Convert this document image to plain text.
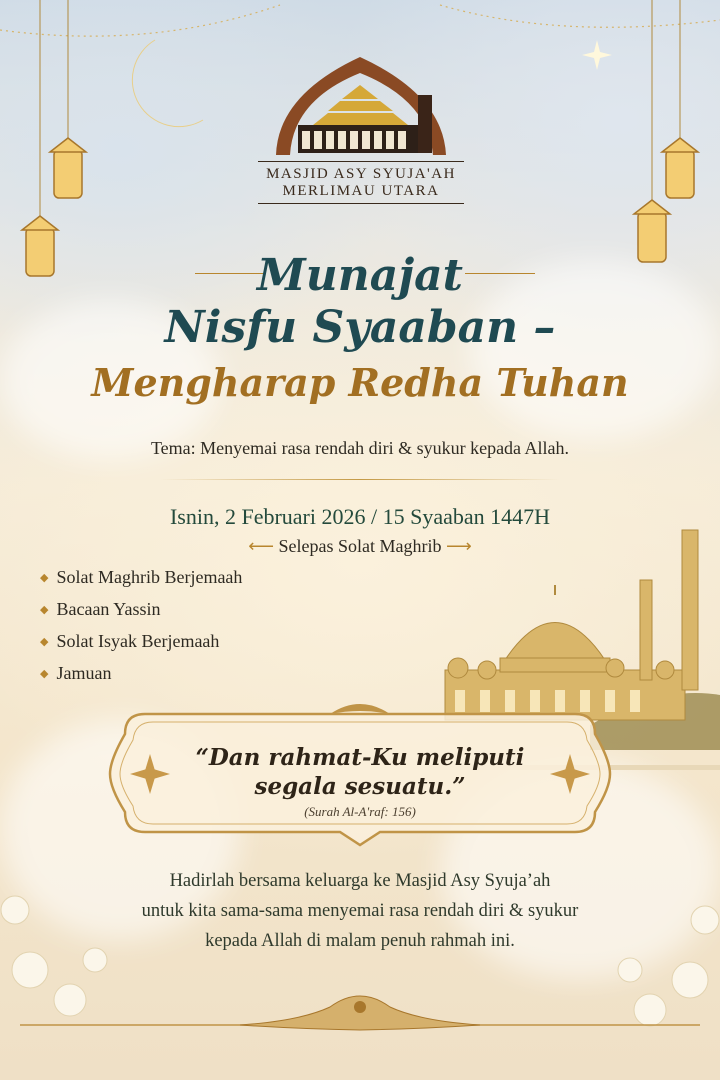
MASJID ASY SYUJA'AH
MERLIMAU UTARA
Munajat
Nisfu Syaaban –
Mengharap Redha Tuhan
Tema: Menyemai rasa rendah diri & syukur kepada Allah.
Isnin, 2 Februari 2026 / 15 Syaaban 1447H
⟵ Selepas Solat Maghrib ⟶
◆ Solat Maghrib Berjemaah
◆ Bacaan Yassin
◆ Solat Isyak Berjemaah
◆ Jamuan
“Dan rahmat-Ku meliputi
segala sesuatu.”
(Surah Al-A'raf: 156)
Hadirlah bersama keluarga ke Masjid Asy Syuja’ah
untuk kita sama-sama menyemai rasa rendah diri & syukur
kepada Allah di malam penuh rahmah ini.
